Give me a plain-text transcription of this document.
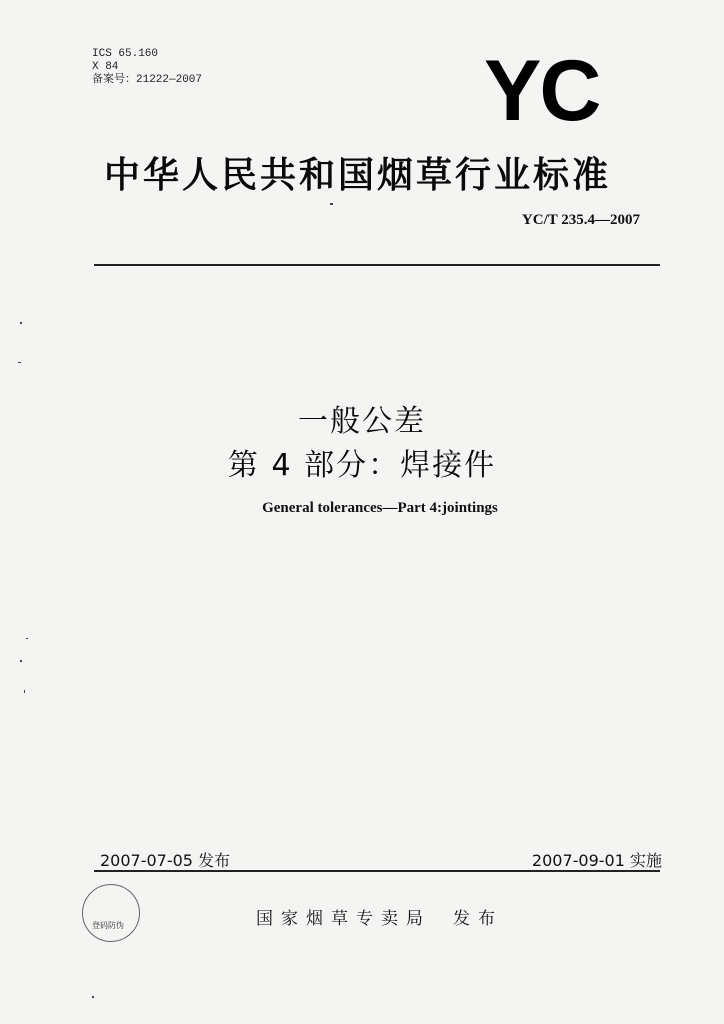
ICS 65.160
X 84
备案号：21222—2007	YC
中华人民共和国烟草行业标准
YC/T 235.4—2007
一般公差
第 4 部分：焊接件
General tolerances—Part 4:jointings
2007-07-05 发布	2007-09-01 实施
登码防伪	国家烟草专卖局 发布
